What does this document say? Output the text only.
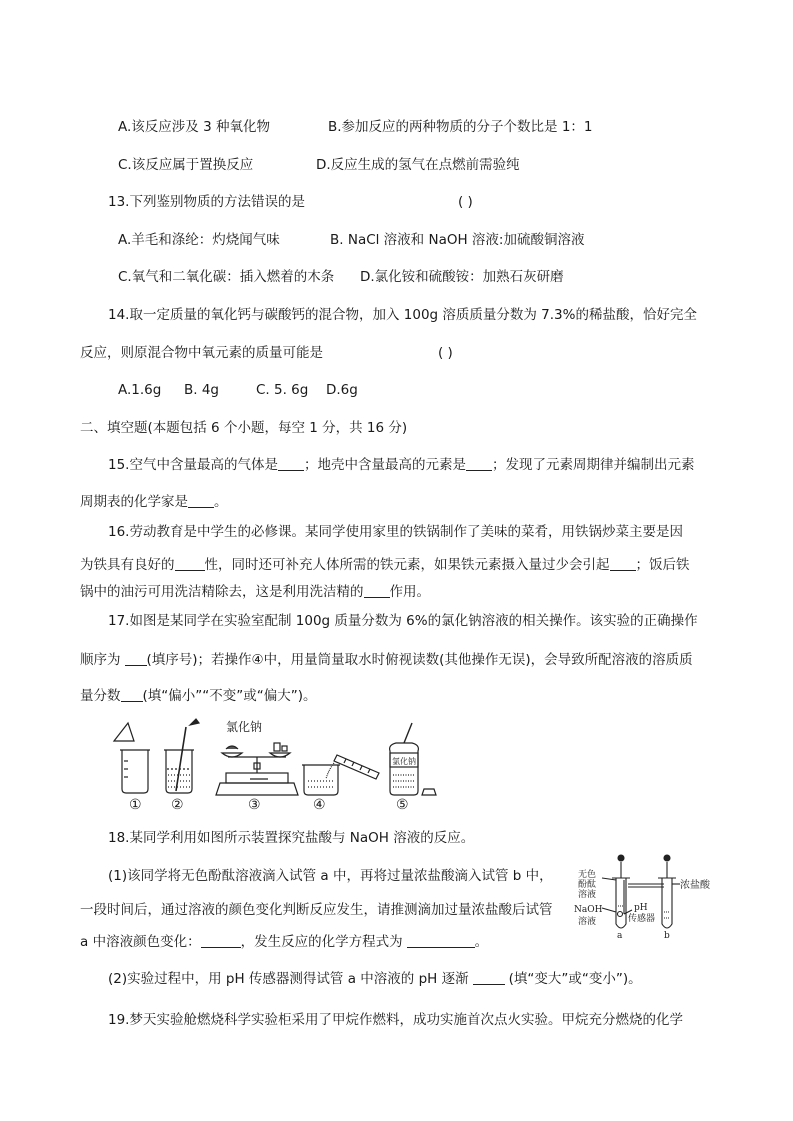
A.该反应涉及 3 种氧化物	B.参加反应的两种物质的分子个数比是 1：1
C.该反应属于置换反应	D.反应生成的氢气在点燃前需验纯
13.下列鉴别物质的方法错误的是	( )
A.羊毛和涤纶：灼烧闻气味	B. NaCl 溶液和 NaOH 溶液:加硫酸铜溶液
C.氧气和二氧化碳：插入燃着的木条 D.氯化铵和硫酸铵：加熟石灰研磨
14.取一定质量的氧化钙与碳酸钙的混合物，加入 100g 溶质质量分数为 7.3%的稀盐酸，恰好完全
反应，则原混合物中氧元素的质量可能是	( )
A.1.6g B. 4g	C. 5. 6g D.6g
二、填空题(本题包括 6 个小题，每空 1 分，共 16 分)
15.空气中含量最高的气体是 ；地壳中含量最高的元素是 ；发现了元素周期律并编制出元素
周期表的化学家是 。
16.劳动教育是中学生的必修课。某同学使用家里的铁锅制作了美味的菜肴，用铁锅炒菜主要是因
为铁具有良好的 性，同时还可补充人体所需的铁元素，如果铁元素摄入量过少会引起 ；饭后铁
锅中的油污可用洗洁精除去，这是利用洗洁精的 作用。
17.如图是某同学在实验室配制 100g 质量分数为 6%的氯化钠溶液的相关操作。该实验的正确操作
顺序为 (填序号)；若操作④中，用量筒量取水时俯视读数(其他操作无误)，会导致所配溶液的溶质质
量分数 (填“偏小”“不变”或“偏大”)。
氯化钠
氯化钠
① ②	③	④	⑤
18.某同学利用如图所示装置探究盐酸与 NaOH 溶液的反应。
(1)该同学将无色酚酞溶液滴入试管 a 中，再将过量浓盐酸滴入试管 b 中，
一段时间后，通过溶液的颜色变化判断反应发生，请推测滴加过量浓盐酸后试管
a 中溶液颜色变化：	，发生反应的化学方程式为	。
(2)实验过程中，用 pH 传感器测得试管 a 中溶液的 pH 逐渐	(填“变大”或“变小”)。
无色
酚酞
溶液
NaOH
溶液
pH
传感器
a	b
浓盐酸
19.梦天实验舱燃烧科学实验柜采用了甲烷作燃料，成功实施首次点火实验。甲烷充分燃烧的化学
